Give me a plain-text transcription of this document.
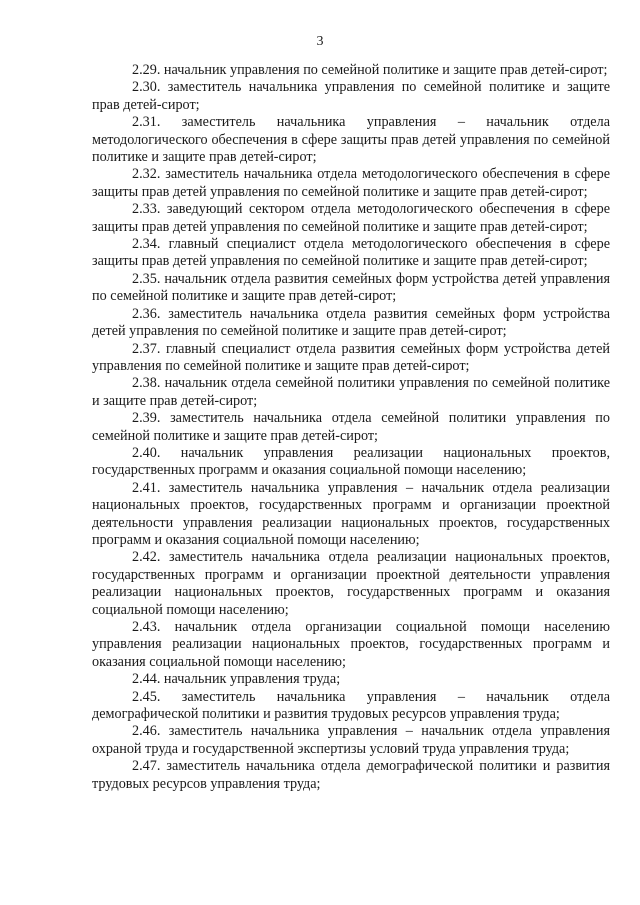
3

2.29. начальник управления по семейной политике и защите прав детей-сирот;

2.30. заместитель начальника управления по семейной политике и защите прав детей-сирот;

2.31. заместитель начальника управления – начальник отдела методологического обеспечения в сфере защиты прав детей управления по семейной политике и защите прав детей-сирот;

2.32. заместитель начальника отдела методологического обеспечения в сфере защиты прав детей управления по семейной политике и защите прав детей-сирот;

2.33. заведующий сектором отдела методологического обеспечения в сфере защиты прав детей управления по семейной политике и защите прав детей-сирот;

2.34. главный специалист отдела методологического обеспечения в сфере защиты прав детей управления по семейной политике и защите прав детей-сирот;

2.35. начальник отдела развития семейных форм устройства детей управления по семейной политике и защите прав детей-сирот;

2.36. заместитель начальника отдела развития семейных форм устройства детей управления по семейной политике и защите прав детей-сирот;

2.37. главный специалист отдела развития семейных форм устройства детей управления по семейной политике и защите прав детей-сирот;

2.38. начальник отдела семейной политики управления по семейной политике и защите прав детей-сирот;

2.39. заместитель начальника отдела семейной политики управления по семейной политике и защите прав детей-сирот;

2.40. начальник управления реализации национальных проектов, государственных программ и оказания социальной помощи населению;

2.41. заместитель начальника управления – начальник отдела реализации национальных проектов, государственных программ и организации проектной деятельности управления реализации национальных проектов, государственных программ и оказания социальной помощи населению;

2.42. заместитель начальника отдела реализации национальных проектов, государственных программ и организации проектной деятельности управления реализации национальных проектов, государственных программ и оказания социальной помощи населению;

2.43. начальник отдела организации социальной помощи населению управления реализации национальных проектов, государственных программ и оказания социальной помощи населению;

2.44. начальник управления труда;

2.45. заместитель начальника управления – начальник отдела демографической политики и развития трудовых ресурсов управления труда;

2.46. заместитель начальника управления – начальник отдела управления охраной труда и государственной экспертизы условий труда управления труда;

2.47. заместитель начальника отдела демографической политики и развития трудовых ресурсов управления труда;
